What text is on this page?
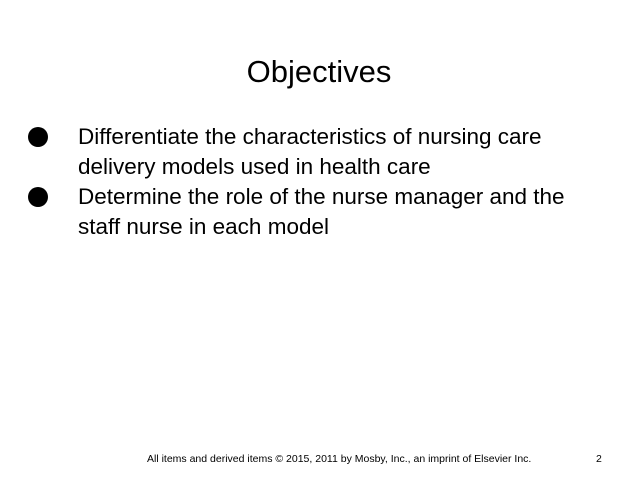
Objectives
Differentiate the characteristics of nursing care delivery models used in health care
Determine the role of the nurse manager and the staff nurse in each model
All items and derived items © 2015, 2011 by Mosby, Inc., an imprint of Elsevier Inc.	2
